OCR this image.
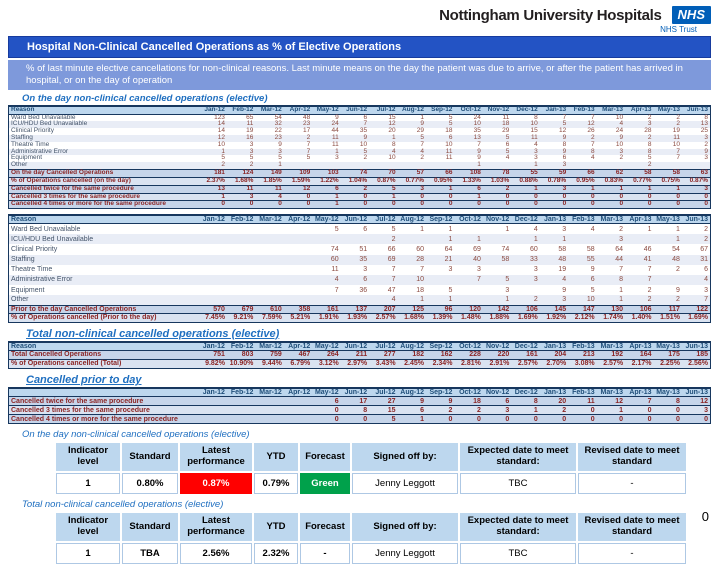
Nottingham University Hospitals	NHS
NHS Trust
Hospital Non-Clinical Cancelled Operations as % of Elective Operations
% of last minute elective cancellations for non-clinical reasons. Last minute means on the day the patient was due to arrive, or after the patient has arrived in hospital, or on the day of operation
On the day non-clinical cancelled operations (elective)
Reason	Jan-12	Feb-12	Mar-12	Apr-12	May-12	Jun-12	Jul-12	Aug-12	Sep-12	Oct-12	Nov-12	Dec-12	Jan-13	Feb-13	Mar-13	Apr-13	May-13	Jun-13
Ward Bed Unavailable	123	65	54	48	9	6	15	1	5	24	11	8	7	7	10	2	2	8
ICU/HDU Bed Unavailable	14	11	32	23	24	7	12	9	5	10	18	10	5	12	4	3	2	13
Clinical Priority	14	19	22	17	44	35	20	29	18	35	29	15	12	26	24	28	19	25
Staffing	12	16	23	2	11	9	1	5	6	13	5	11	9	2	9	2	11	3
Theatre Time	10	3	9	7	11	10	8	7	10	7	6	4	8	7	10	8	10	2
Administrative Error	1	3	3	7	1	5	4	4	11	9	5	3	9	8	3	8	7	9
Equipment	5	5	5	5	3	2	10	2	11	9	4	3	6	4	2	5	7	3
Other	2	2	1							1		1	3			2		
On the day Cancelled Operations	181	124	149	109	103	74	70	57	66	108	78	55	59	66	62	58	58	63
% of Operations cancelled (on the day)	2.37%	1.68%	1.85%	1.59%	1.22%	1.04%	0.87%	0.77%	0.95%	1.33%	1.03%	0.88%	0.78%	0.95%	0.83%	0.77%	0.75%	0.87%
Cancelled twice for the same procedure	13	11	11	12	6	2	5	3	1	6	2	1	3	1	1	1	1	3
Cancelled 3 times for the same procedure	1	3	4	0	1	0	1	0	0	1	0	0	0	0	0	0	0	0
Cancelled 4 times or more for the same procedure	0	0	0	0	1	0	0	0	0	0	0	0	0	0	0	0	0	0
Reason	Jan-12	Feb-12	Mar-12	Apr-12	May-12	Jun-12	Jul-12	Aug-12	Sep-12	Oct-12	Nov-12	Dec-12	Jan-13	Feb-13	Mar-13	Apr-13	May-13	Jun-13
Ward Bed Unavailable					5	6	5	1	1		1	4	3	4	2	1	1	2
ICU/HDU Bed Unavailable							2		1	1		1	1		3		1	2
Clinical Priority					74	51	66	60	64	69	74	60	58	58	64	46	54	67
Staffing					60	35	69	28	21	40	58	33	48	55	44	41	48	31
Theatre Time					11	3	7	7	3	3		3	19	9	7	7	2	6
Administrative Error					4	6	7	10		7	5	3	4	6	8	7		4
Equipment					7	36	47	18	5		3		9	5	1	2	9	3
Other							4	1	1		1	2	3	10	1	2	2	7
Prior to the day Cancelled Operations	570	679	610	358	161	137	207	125	96	120	142	106	145	147	130	106	117	122
% of Operations cancelled (Prior to the day)	7.45%	9.21%	7.59%	5.21%	1.91%	1.93%	2.57%	1.68%	1.39%	1.48%	1.88%	1.69%	1.92%	2.12%	1.74%	1.40%	1.51%	1.69%
Total non-clinical cancelled operations (elective)
Reason	Jan-12	Feb-12	Mar-12	Apr-12	May-12	Jun-12	Jul-12	Aug-12	Sep-12	Oct-12	Nov-12	Dec-12	Jan-13	Feb-13	Mar-13	Apr-13	May-13	Jun-13
Total Cancelled Operations	751	803	759	467	264	211	277	182	162	228	220	161	204	213	192	164	175	185
% of Operations cancelled (Total)	9.82%	10.90%	9.44%	6.79%	3.12%	2.97%	3.43%	2.45%	2.34%	2.81%	2.91%	2.57%	2.70%	3.08%	2.57%	2.17%	2.25%	2.56%
Cancelled prior to day
	Jan-12	Feb-12	Mar-12	Apr-12	May-12	Jun-12	Jul-12	Aug-12	Sep-12	Oct-12	Nov-12	Dec-12	Jan-13	Feb-13	Mar-13	Apr-13	May-13	Jun-13
Cancelled twice for the same procedure					6	17	27	9	9	18	6	8	20	11	12	7	8	12
Cancelled 3 times for the same procedure					0	8	15	6	2	2	3	1	2	0	1	0	0	3
Cancelled 4 times or more for the same procedure					0	0	5	1	0	0	0	0	0	0	0	0	0	0
On the day non-clinical cancelled operations (elective)
Indicator level	Standard	Latest performance	YTD	Forecast	Signed off by:	Expected date to meet standard:	Revised date to meet standard
1	0.80%	0.87%	0.79%	Green	Jenny Leggott	TBC	-
Total non-clinical cancelled operations (elective)
Indicator level	Standard	Latest performance	YTD	Forecast	Signed off by:	Expected date to meet standard:	Revised date to meet standard
1	TBA	2.56%	2.32%	-	Jenny Leggott	TBC	-
0
